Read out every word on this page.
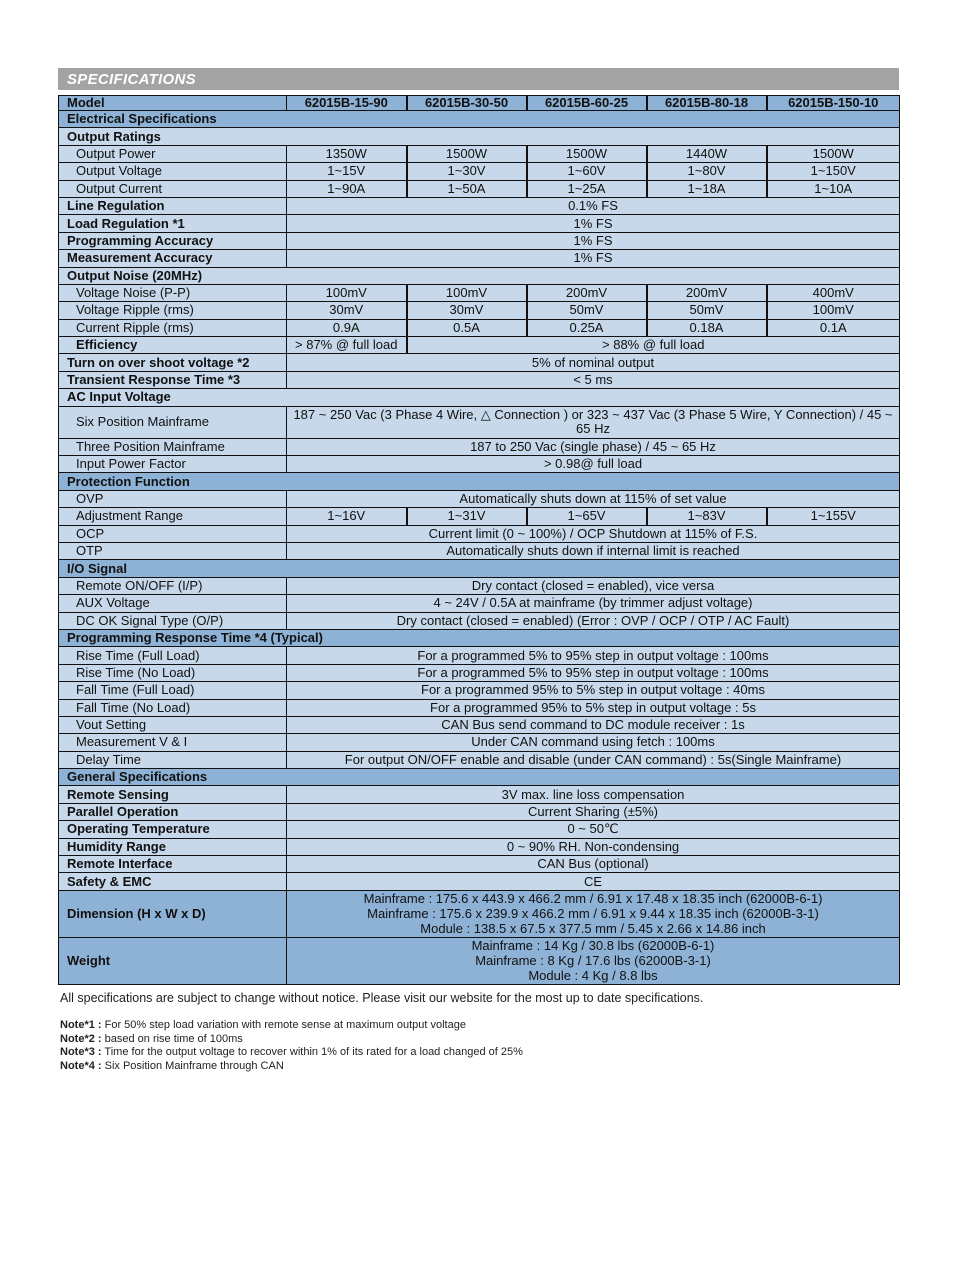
SPECIFICATIONS
Model	62015B-15-90	62015B-30-50	62015B-60-25	62015B-80-18	62015B-150-10
Electrical Specifications					
Output Ratings					
Output Power	1350W	1500W	1500W	1440W	1500W
Output Voltage	1~15V	1~30V	1~60V	1~80V	1~150V
Output Current	1~90A	1~50A	1~25A	1~18A	1~10A
Line Regulation	0.1% FS				
Load Regulation *1	1% FS				
Programming Accuracy	1% FS				
Measurement Accuracy	1% FS				
Output Noise (20MHz)					
Voltage Noise (P-P)	100mV	100mV	200mV	200mV	400mV
Voltage Ripple (rms)	30mV	30mV	50mV	50mV	100mV
Current Ripple (rms)	0.9A	0.5A	0.25A	0.18A	0.1A
Efficiency	> 87% @ full load	> 88% @ full load			
Turn on over shoot voltage *2	5% of nominal output				
Transient Response Time *3	< 5 ms				
AC Input Voltage					
Six Position Mainframe	187 ~ 250 Vac (3 Phase 4 Wire, △ Connection ) or 323 ~ 437 Vac (3 Phase 5 Wire, Y Connection) / 45 ~ 65 Hz				
Three Position Mainframe	187 to 250 Vac (single phase) / 45 ~ 65 Hz				
Input Power Factor	> 0.98@ full load				
Protection Function					
OVP	Automatically shuts down at 115% of set value				
Adjustment Range	1~16V	1~31V	1~65V	1~83V	1~155V
OCP	Current limit (0 ~ 100%) / OCP Shutdown at 115% of F.S.				
OTP	Automatically shuts down if internal limit is reached				
I/O Signal					
Remote ON/OFF (I/P)	Dry contact (closed = enabled), vice versa				
AUX Voltage	4 ~ 24V / 0.5A at mainframe (by trimmer adjust voltage)				
DC OK Signal Type (O/P)	Dry contact (closed = enabled) (Error : OVP / OCP / OTP / AC Fault)				
Programming Response Time *4 (Typical)					
Rise Time (Full Load)	For a programmed 5% to 95% step in output voltage : 100ms				
Rise Time (No Load)	For a programmed 5% to 95% step in output voltage : 100ms				
Fall Time (Full Load)	For a programmed 95% to 5% step in output voltage : 40ms				
Fall Time (No Load)	For a programmed 95% to 5% step in output voltage : 5s				
Vout Setting	CAN Bus send command to DC module receiver : 1s				
Measurement V & I	Under CAN command using fetch : 100ms				
Delay Time	For output ON/OFF enable and disable (under CAN command) : 5s(Single Mainframe)				
General Specifications					
Remote Sensing	3V max. line loss compensation				
Parallel Operation	Current Sharing (±5%)				
Operating Temperature	0 ~ 50℃				
Humidity Range	0 ~ 90% RH. Non-condensing				
Remote Interface	CAN Bus (optional)				
Safety & EMC	CE				
Dimension (H x W x D)	Mainframe : 175.6 x 443.9 x 466.2 mm / 6.91 x 17.48 x 18.35 inch (62000B-6-1)
Mainframe : 175.6 x 239.9 x 466.2 mm / 6.91 x 9.44 x 18.35 inch (62000B-3-1)
Module : 138.5 x 67.5 x 377.5 mm / 5.45 x 2.66 x 14.86 inch				

Weight	Mainframe : 14 Kg / 30.8 lbs (62000B-6-1)
Mainframe : 8 Kg / 17.6 lbs (62000B-3-1)
Module : 4 Kg / 8.8 lbs				
All specifications are subject to change without notice. Please visit our website for the most up to date specifications.
Note*1 : For 50% step load variation with remote sense at maximum output voltage
Note*2 : based on rise time of 100ms
Note*3 : Time for the output voltage to recover within 1% of its rated for a load changed of 25%
Note*4 : Six Position Mainframe through CAN
